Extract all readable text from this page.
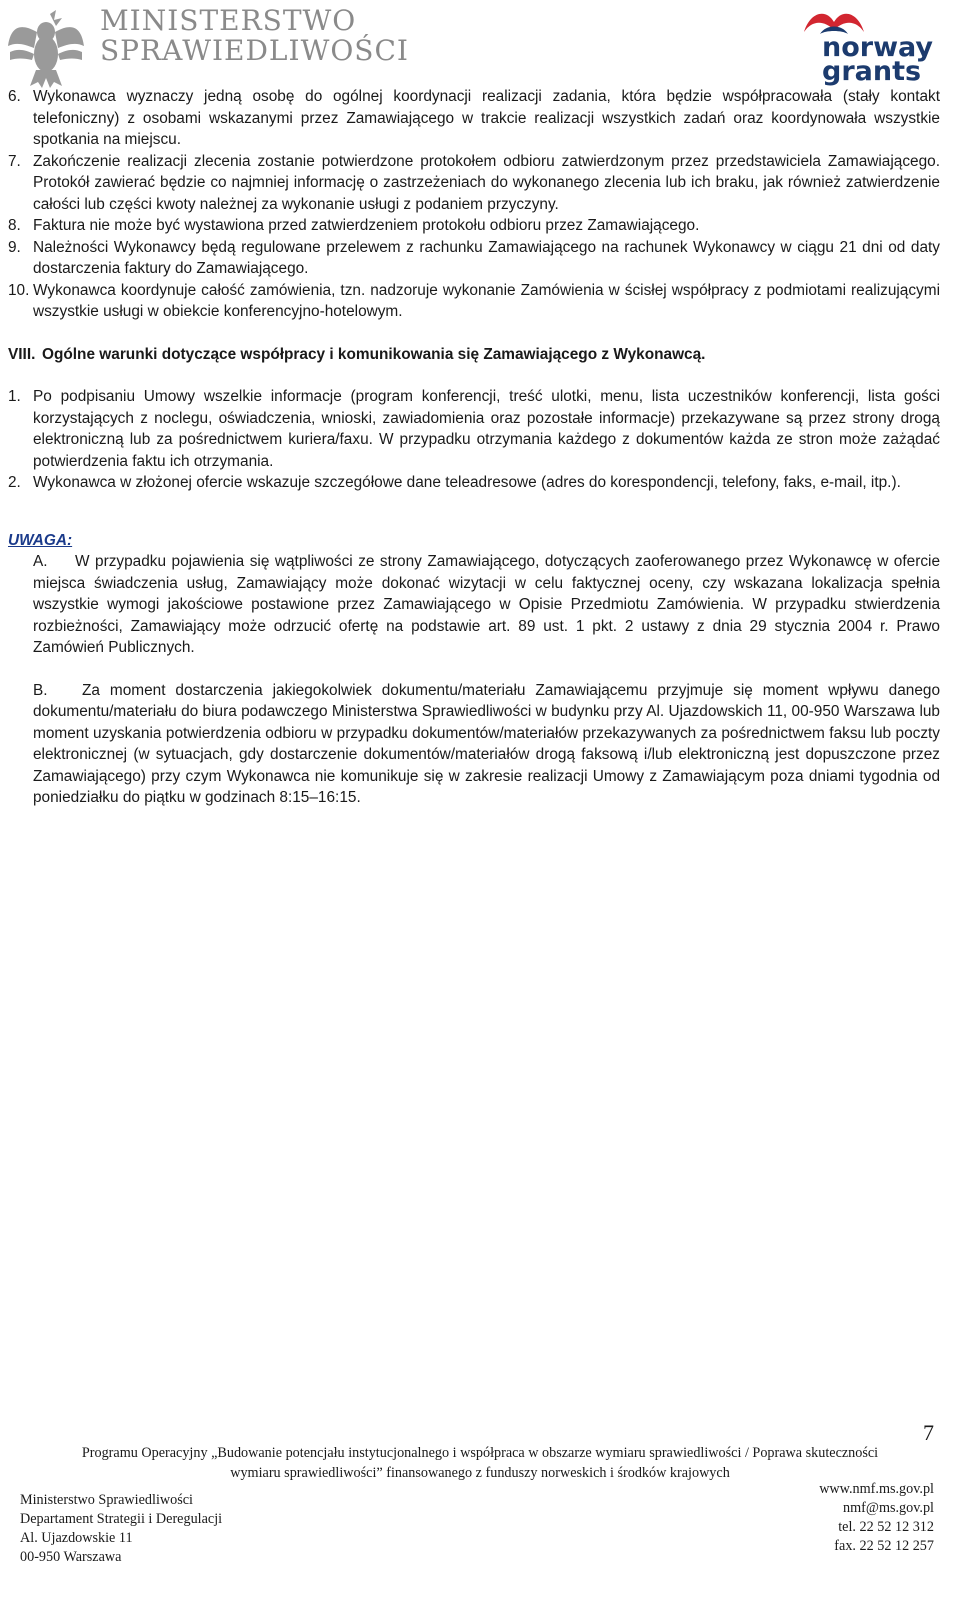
MINISTERSTWO
SPRAWIEDLIWOŚCI	norway
grants
6. Wykonawca wyznaczy jedną osobę do ogólnej koordynacji realizacji zadania, która będzie współpracowała (stały kontakt telefoniczny) z osobami wskazanymi przez Zamawiającego w trakcie realizacji wszystkich zadań oraz koordynowała wszystkie spotkania na miejscu.
7. Zakończenie realizacji zlecenia zostanie potwierdzone protokołem odbioru zatwierdzonym przez przedstawiciela Zamawiającego. Protokół zawierać będzie co najmniej informację o zastrzeżeniach do wykonanego zlecenia lub ich braku, jak również zatwierdzenie całości lub części kwoty należnej za wykonanie usługi z podaniem przyczyny.
8. Faktura nie może być wystawiona przed zatwierdzeniem protokołu odbioru przez Zamawiającego.
9. Należności Wykonawcy będą regulowane przelewem z rachunku Zamawiającego na rachunek Wykonawcy w ciągu 21 dni od daty dostarczenia faktury do Zamawiającego.
10. Wykonawca koordynuje całość zamówienia, tzn. nadzoruje wykonanie Zamówienia w ścisłej współpracy z podmiotami realizującymi wszystkie usługi w obiekcie konferencyjno-hotelowym.
VIII. Ogólne warunki dotyczące współpracy i komunikowania się Zamawiającego z Wykonawcą.
1. Po podpisaniu Umowy wszelkie informacje (program konferencji, treść ulotki, menu, lista uczestników konferencji, lista gości korzystających z noclegu, oświadczenia, wnioski, zawiadomienia oraz pozostałe informacje) przekazywane są przez strony drogą elektroniczną lub za pośrednictwem kuriera/faxu. W przypadku otrzymania każdego z dokumentów każda ze stron może zażądać potwierdzenia faktu ich otrzymania.
2. Wykonawca w złożonej ofercie wskazuje szczegółowe dane teleadresowe (adres do korespondencji, telefony, faks, e-mail, itp.).
UWAGA:
A. W przypadku pojawienia się wątpliwości ze strony Zamawiającego, dotyczących zaoferowanego przez Wykonawcę w ofercie miejsca świadczenia usług, Zamawiający może dokonać wizytacji w celu faktycznej oceny, czy wskazana lokalizacja spełnia wszystkie wymogi jakościowe postawione przez Zamawiającego w Opisie Przedmiotu Zamówienia. W przypadku stwierdzenia rozbieżności, Zamawiający może odrzucić ofertę na podstawie art. 89 ust. 1 pkt. 2 ustawy z dnia 29 stycznia 2004 r. Prawo Zamówień Publicznych.
B. Za moment dostarczenia jakiegokolwiek dokumentu/materiału Zamawiającemu przyjmuje się moment wpływu danego dokumentu/materiału do biura podawczego Ministerstwa Sprawiedliwości w budynku przy Al. Ujazdowskich 11, 00-950 Warszawa lub moment uzyskania potwierdzenia odbioru w przypadku dokumentów/materiałów przekazywanych za pośrednictwem faksu lub poczty elektronicznej (w sytuacjach, gdy dostarczenie dokumentów/materiałów drogą faksową i/lub elektroniczną jest dopuszczone przez Zamawiającego) przy czym Wykonawca nie komunikuje się w zakresie realizacji Umowy z Zamawiającym poza dniami tygodnia od poniedziałku do piątku w godzinach 8:15–16:15.
7
Programu Operacyjny „Budowanie potencjału instytucjonalnego i współpraca w obszarze wymiaru sprawiedliwości / Poprawa skuteczności
wymiaru sprawiedliwości” finansowanego z funduszy norweskich i środków krajowych
Ministerstwo Sprawiedliwości
Departament Strategii i Deregulacji
Al. Ujazdowskie 11
00-950 Warszawa
www.nmf.ms.gov.pl
nmf@ms.gov.pl
tel. 22 52 12 312
fax. 22 52 12 257
